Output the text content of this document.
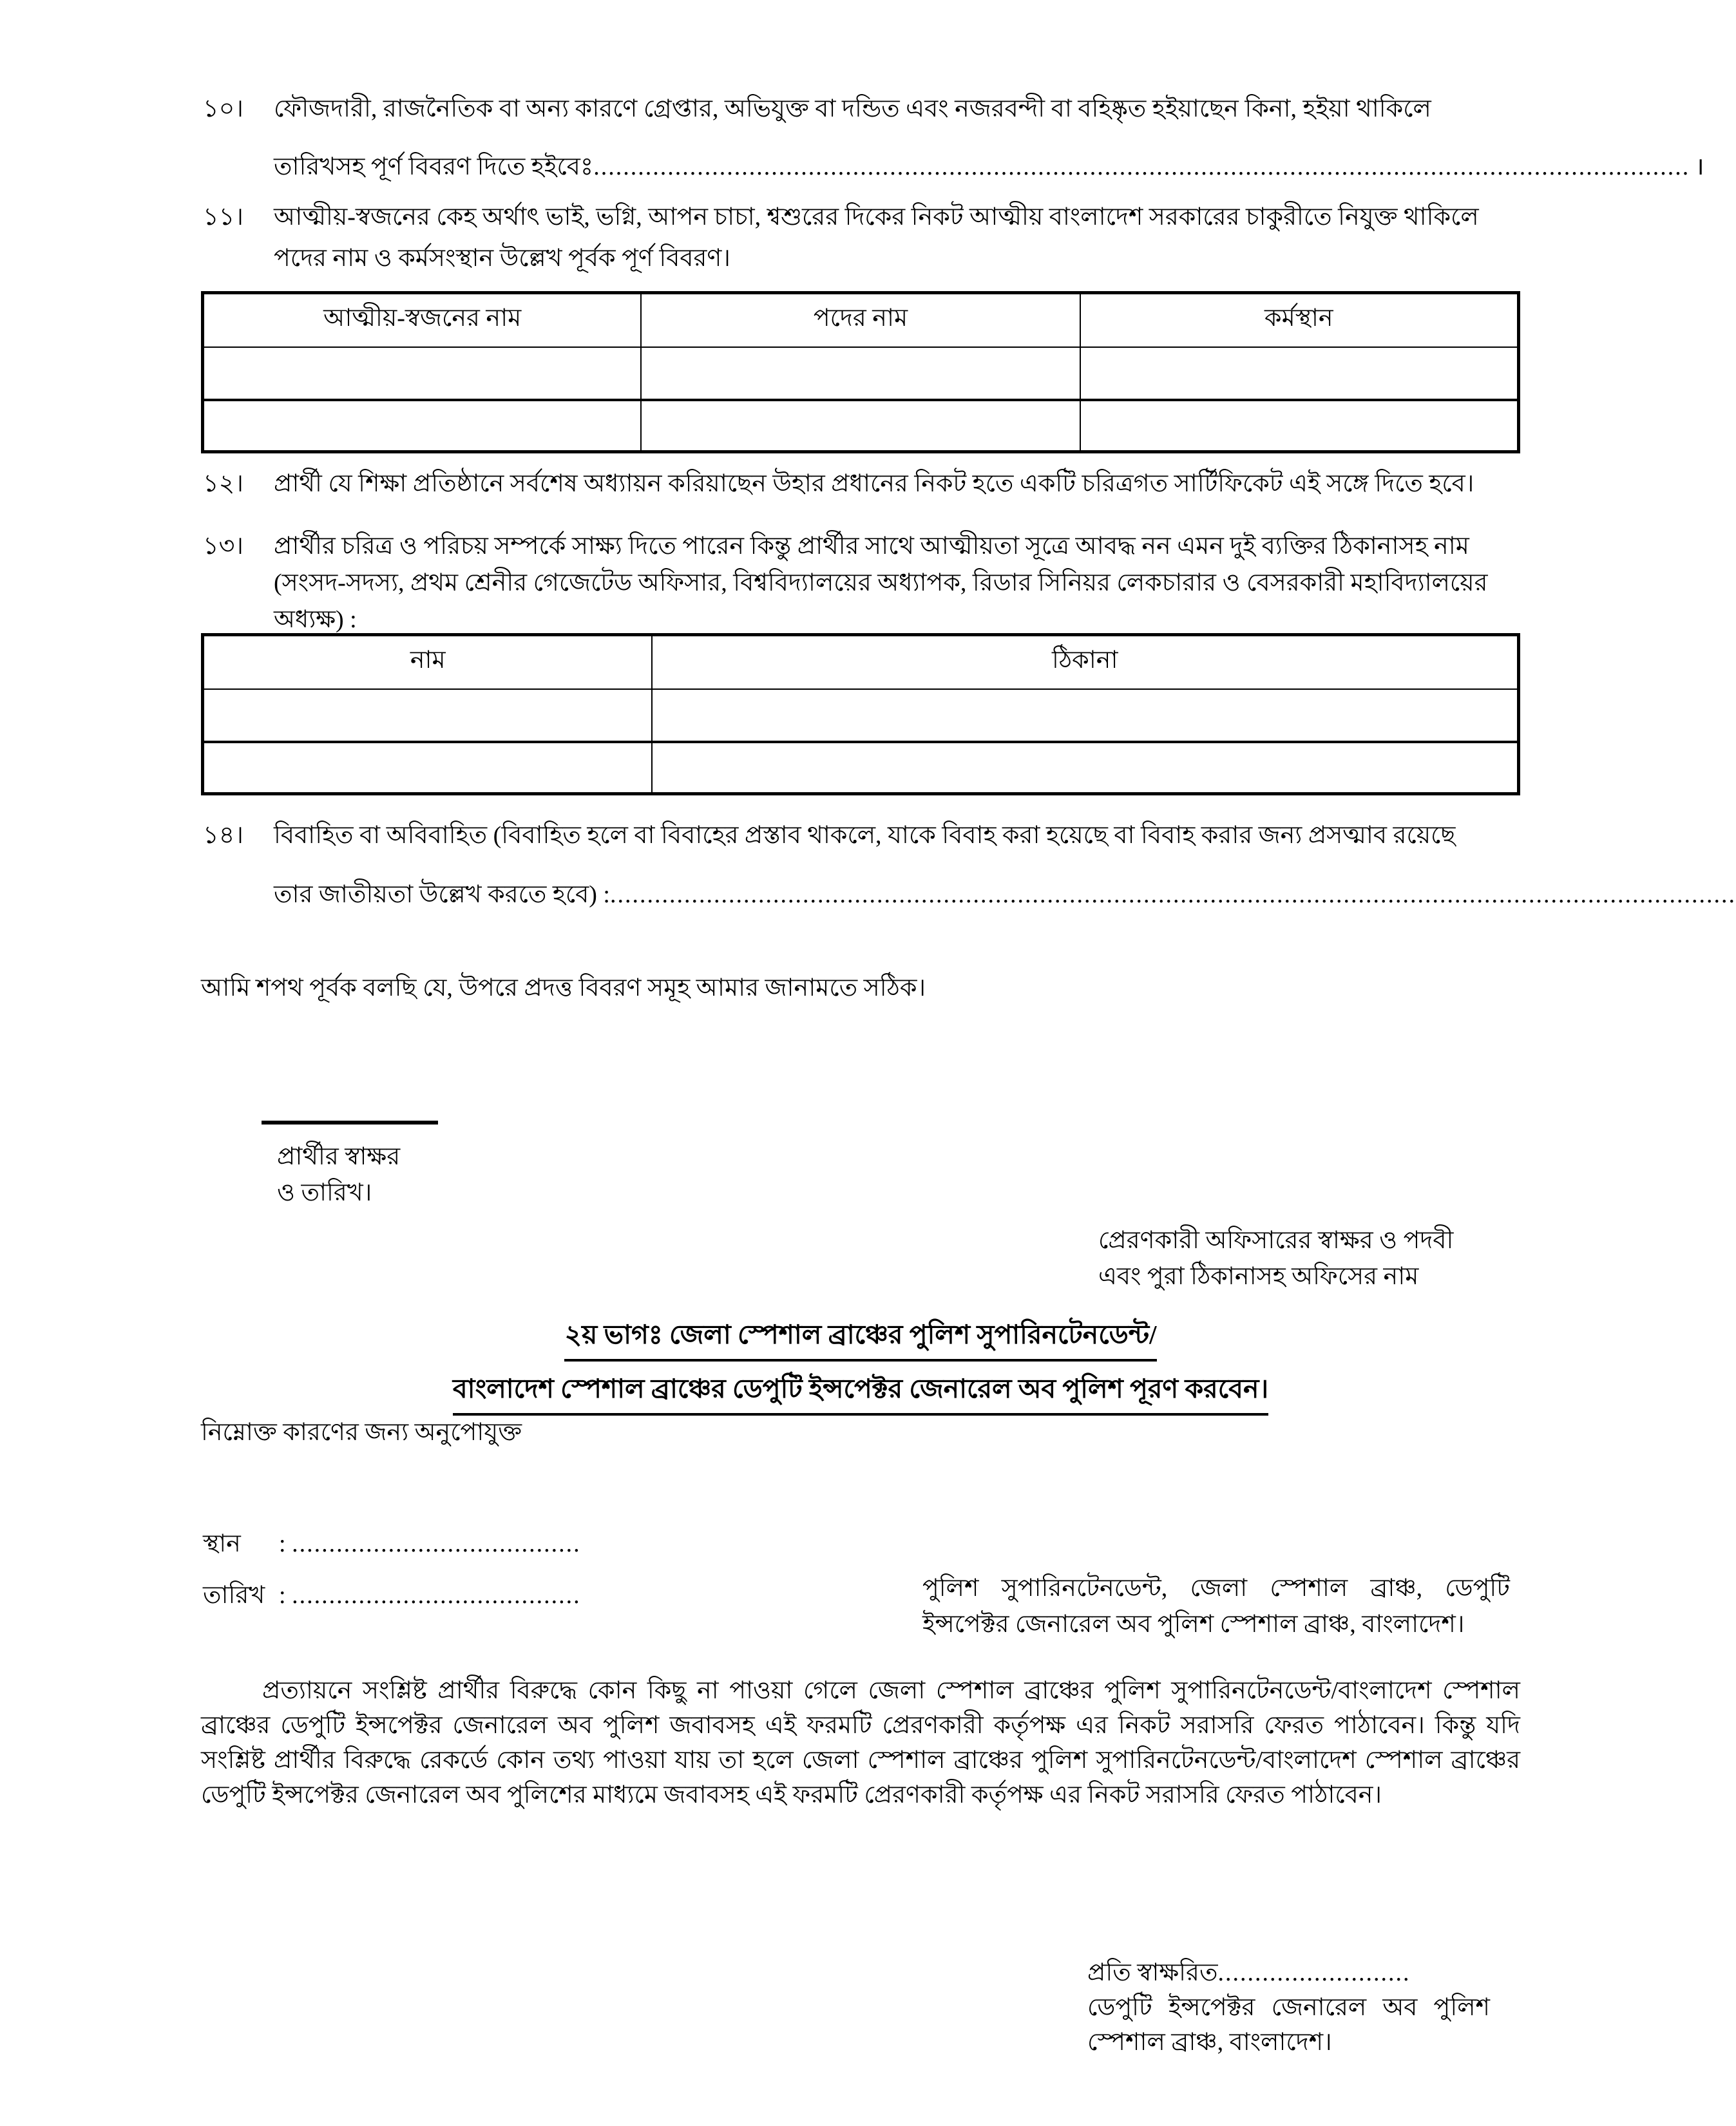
১০।	ফৌজদারী, রাজনৈতিক বা অন্য কারণে গ্রেপ্তার, অভিযুক্ত বা দন্ডিত এবং নজরবন্দী বা বহিষ্কৃত হইয়াছেন কিনা, হইয়া থাকিলে
তারিখসহ পূর্ণ বিবরণ দিতে হইবেঃ .................................................................................................................................................... ।
১১।	আত্মীয়-স্বজনের কেহ অর্থাৎ ভাই, ভগ্নি, আপন চাচা, শ্বশুরের দিকের নিকট আত্মীয় বাংলাদেশ সরকারের চাকুরীতে নিযুক্ত থাকিলে পদের নাম ও কর্মসংস্থান উল্লেখ পূর্বক পূর্ণ বিবরণ।
আত্মীয়-স্বজনের নাম	পদের নাম	কর্মস্থান

১২।	প্রার্থী যে শিক্ষা প্রতিষ্ঠানে সর্বশেষ অধ্যায়ন করিয়াছেন উহার প্রধানের নিকট হতে একটি চরিত্রগত সার্টিফিকেট এই সঙ্গে দিতে হবে।
১৩।	প্রার্থীর চরিত্র ও পরিচয় সম্পর্কে সাক্ষ্য দিতে পারেন কিন্তু প্রার্থীর সাথে আত্মীয়তা সূত্রে আবদ্ধ নন এমন দুই ব্যক্তির ঠিকানাসহ নাম (সংসদ-সদস্য, প্রথম শ্রেনীর গেজেটেড অফিসার, বিশ্ববিদ্যালয়ের অধ্যাপক, রিডার সিনিয়র লেকচারার ও বেসরকারী মহাবিদ্যালয়ের অধ্যক্ষ) :
নাম	ঠিকানা

১৪।	বিবাহিত বা অবিবাহিত (বিবাহিত হলে বা বিবাহের প্রস্তাব থাকলে, যাকে বিবাহ করা হয়েছে বা বিবাহ করার জন্য প্রসত্মাব রয়েছে
তার জাতীয়তা উল্লেখ করতে হবে) : ........................................................................................................................................................
আমি শপথ পূর্বক বলছি যে, উপরে প্রদত্ত বিবরণ সমূহ আমার জানামতে সঠিক।
প্রার্থীর স্বাক্ষর
ও তারিখ।
প্রেরণকারী অফিসারের স্বাক্ষর ও পদবী
এবং পুরা ঠিকানাসহ অফিসের নাম
২য় ভাগঃ জেলা স্পেশাল ব্রাঞ্চের পুলিশ সুপারিনটেনডেন্ট/
বাংলাদেশ স্পেশাল ব্রাঞ্চের ডেপুটি ইন্সপেক্টর জেনারেল অব পুলিশ পূরণ করবেন।
নিম্নোক্ত কারণের জন্য অনুপোযুক্ত
স্থান : .......................................
তারিখ : .......................................	পুলিশ সুপারিনটেনডেন্ট, জেলা স্পেশাল ব্রাঞ্চ, ডেপুটি ইন্সপেক্টর জেনারেল অব পুলিশ স্পেশাল ব্রাঞ্চ, বাংলাদেশ।
প্রত্যায়নে সংশ্লিষ্ট প্রার্থীর বিরুদ্ধে কোন কিছু না পাওয়া গেলে জেলা স্পেশাল ব্রাঞ্চের পুলিশ সুপারিনটেনডেন্ট/বাংলাদেশ স্পেশাল ব্রাঞ্চের ডেপুটি ইন্সপেক্টর জেনারেল অব পুলিশ জবাবসহ এই ফরমটি প্রেরণকারী কর্তৃপক্ষ এর নিকট সরাসরি ফেরত পাঠাবেন। কিন্তু যদি সংশ্লিষ্ট প্রার্থীর বিরুদ্ধে রেকর্ডে কোন তথ্য পাওয়া যায় তা হলে জেলা স্পেশাল ব্রাঞ্চের পুলিশ সুপারিনটেনডেন্ট/বাংলাদেশ স্পেশাল ব্রাঞ্চের ডেপুটি ইন্সপেক্টর জেনারেল অব পুলিশের মাধ্যমে জবাবসহ এই ফরমটি প্রেরণকারী কর্তৃপক্ষ এর নিকট সরাসরি ফেরত পাঠাবেন।
প্রতি স্বাক্ষরিত..........................
ডেপুটি ইন্সপেক্টর জেনারেল অব পুলিশ
স্পেশাল ব্রাঞ্চ, বাংলাদেশ।
